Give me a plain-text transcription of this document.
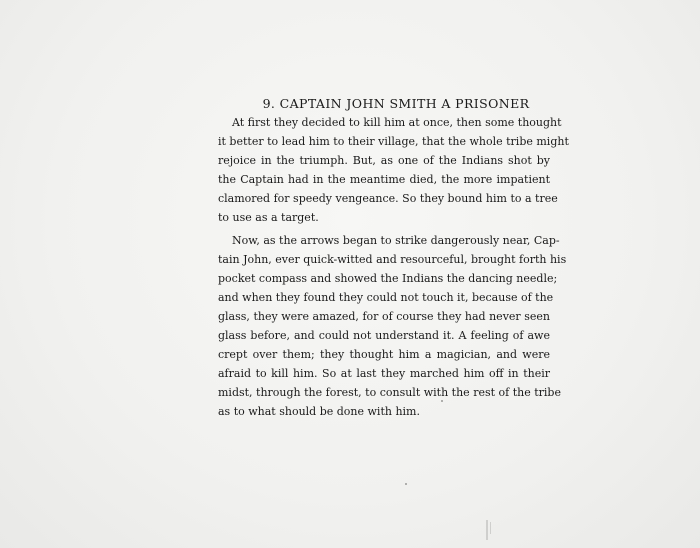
9. CAPTAIN JOHN SMITH A PRISONER

At first they decided to kill him at once, then some thought
it better to lead him to their village, that the whole tribe might
rejoice in the triumph. But, as one of the Indians shot by
the Captain had in the meantime died, the more impatient
clamored for speedy vengeance. So they bound him to a tree
to use as a target.

Now, as the arrows began to strike dangerously near, Cap-
tain John, ever quick-witted and resourceful, brought forth his
pocket compass and showed the Indians the dancing needle;
and when they found they could not touch it, because of the
glass, they were amazed, for of course they had never seen
glass before, and could not understand it. A feeling of awe
crept over them; they thought him a magician, and were
afraid to kill him. So at last they marched him off in their
midst, through the forest, to consult with the rest of the tribe
as to what should be done with him.
